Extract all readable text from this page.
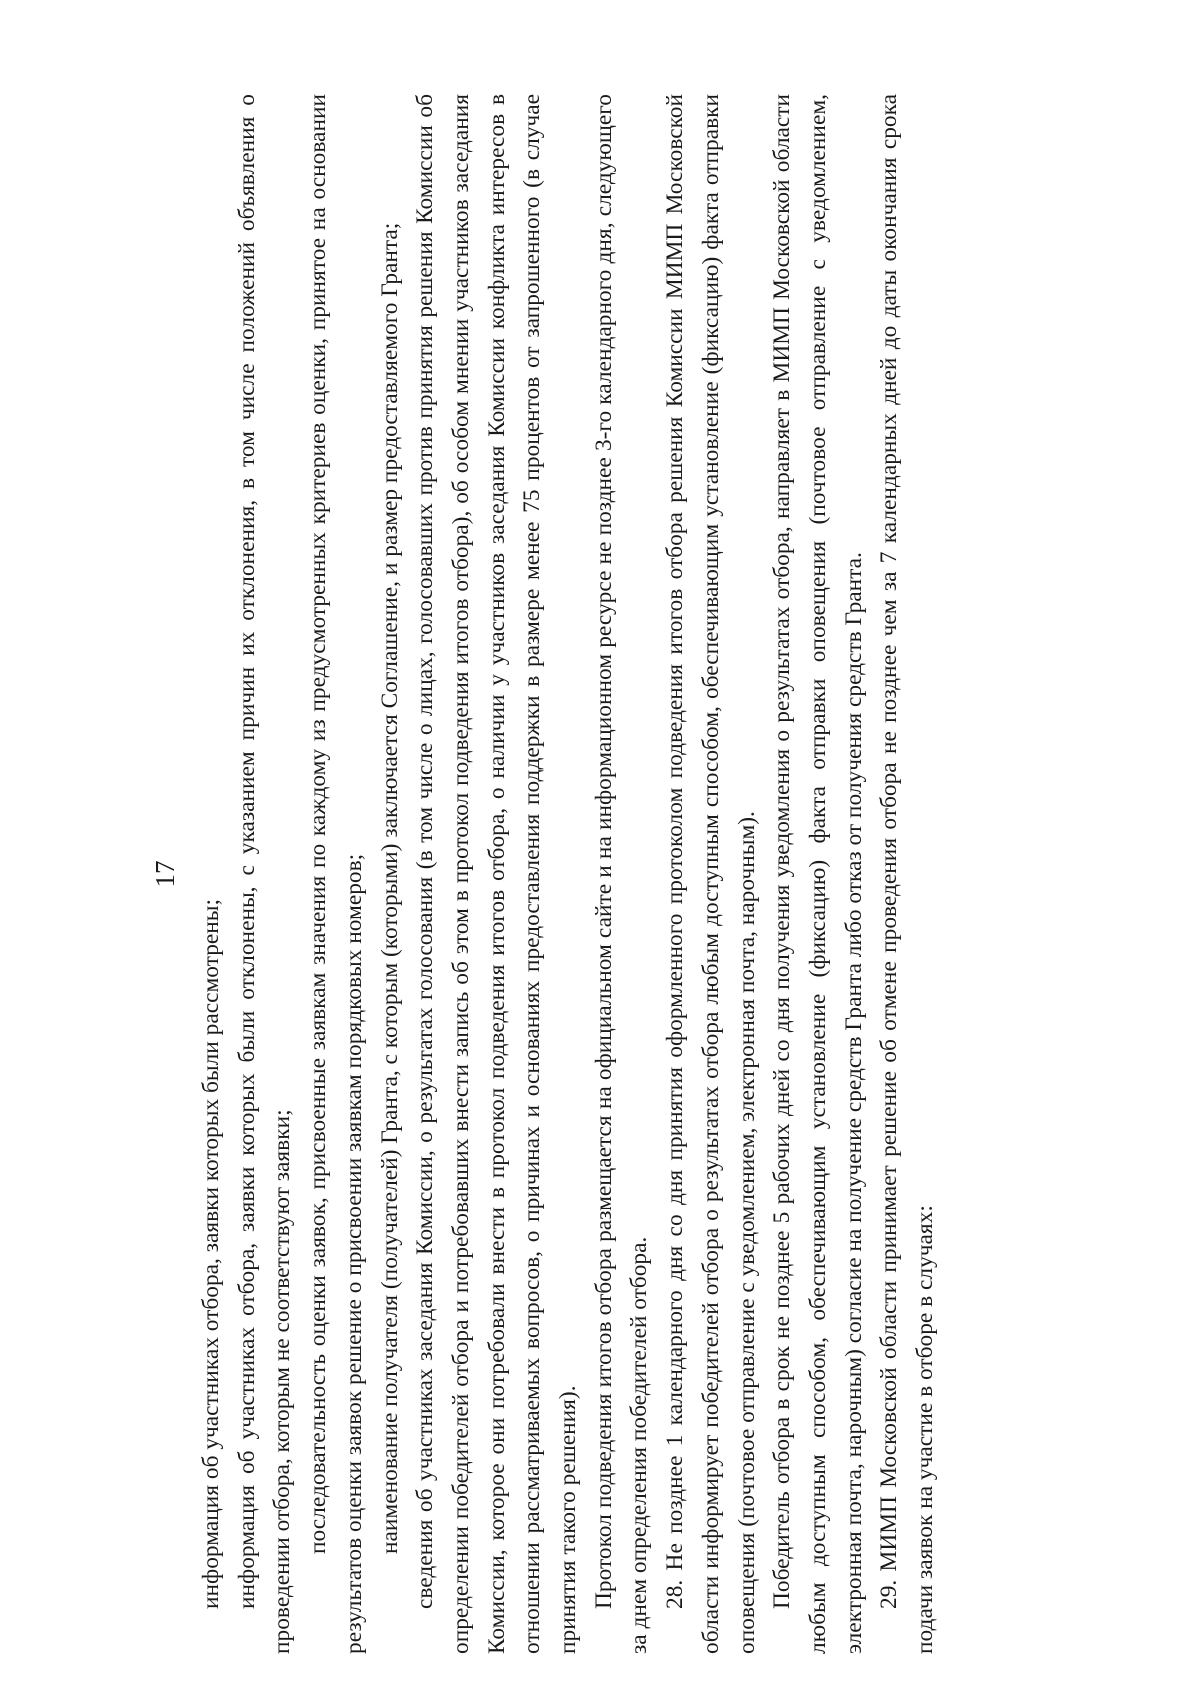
17

информация об участниках отбора, заявки которых были рассмотрены; информация об участниках отбора, заявки которых были отклонены, с указанием причин их отклонения, в том числе положений объявления о проведении отбора, которым не соответствуют заявки; последовательность оценки заявок, присвоенные заявкам значения по каждому из предусмотренных критериев оценки, принятое на основании результатов оценки заявок решение о присвоении заявкам порядковых номеров; наименование получателя (получателей) Гранта, с которым (которыми) заключается Соглашение, и размер предоставляемого Гранта; сведения об участниках заседания Комиссии, о результатах голосования (в том числе о лицах, голосовавших против принятия решения Комиссии об определении победителей отбора и потребовавших внести запись об этом в протокол подведения итогов отбора), об особом мнении участников заседания Комиссии, которое они потребовали внести в протокол подведения итогов отбора, о наличии у участников заседания Комиссии конфликта интересов в отношении рассматриваемых вопросов, о причинах и основаниях предоставления поддержки в размере менее 75 процентов от запрошенного (в случае принятия такого решения). Протокол подведения итогов отбора размещается на официальном сайте и на информационном ресурсе не позднее 3-го календарного дня, следующего за днем определения победителей отбора. 28. Не позднее 1 календарного дня со дня принятия оформленного протоколом подведения итогов отбора решения Комиссии МИМП Московской области информирует победителей отбора о результатах отбора любым доступным способом, обеспечивающим установление (фиксацию) факта отправки оповещения (почтовое отправление с уведомлением, электронная почта, нарочным). Победитель отбора в срок не позднее 5 рабочих дней со дня получения уведомления о результатах отбора, направляет в МИМП Московской области любым доступным способом, обеспечивающим установление (фиксацию) факта отправки оповещения (почтовое отправление с уведомлением, электронная почта, нарочным) согласие на получение средств Гранта либо отказ от получения средств Гранта. 29. МИМП Московской области принимает решение об отмене проведения отбора не позднее чем за 7 календарных дней до даты окончания срока подачи заявок на участие в отборе в случаях:
